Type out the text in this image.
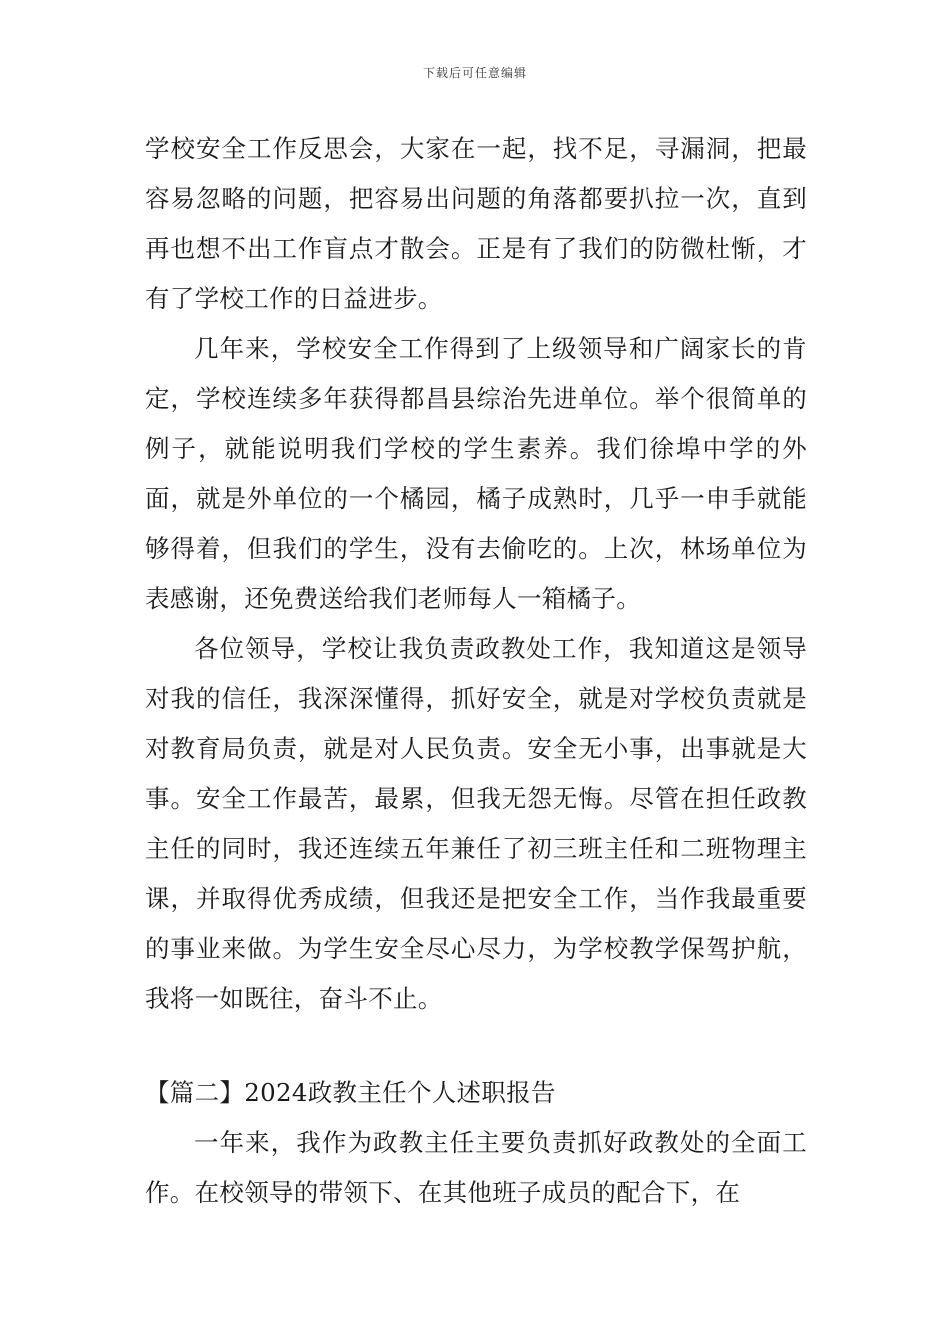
下载后可任意编辑

学校安全工作反思会，大家在一起，找不足，寻漏洞，把最容易忽略的问题，把容易出问题的角落都要扒拉一次，直到再也想不出工作盲点才散会。正是有了我们的防微杜惭，才有了学校工作的日益进步。

几年来，学校安全工作得到了上级领导和广阔家长的肯定，学校连续多年获得都昌县综治先进单位。举个很简单的例子，就能说明我们学校的学生素养。我们徐埠中学的外面，就是外单位的一个橘园，橘子成熟时，几乎一申手就能够得着，但我们的学生，没有去偷吃的。上次，林场单位为表感谢，还免费送给我们老师每人一箱橘子。

各位领导，学校让我负责政教处工作，我知道这是领导对我的信任，我深深懂得，抓好安全，就是对学校负责就是对教育局负责，就是对人民负责。安全无小事，出事就是大事。安全工作最苦，最累，但我无怨无悔。尽管在担任政教主任的同时，我还连续五年兼任了初三班主任和二班物理主课，并取得优秀成绩，但我还是把安全工作，当作我最重要的事业来做。为学生安全尽心尽力，为学校教学保驾护航，我将一如既往，奋斗不止。

【篇二】2024政教主任个人述职报告

一年来，我作为政教主任主要负责抓好政教处的全面工作。在校领导的带领下、在其他班子成员的配合下，在
